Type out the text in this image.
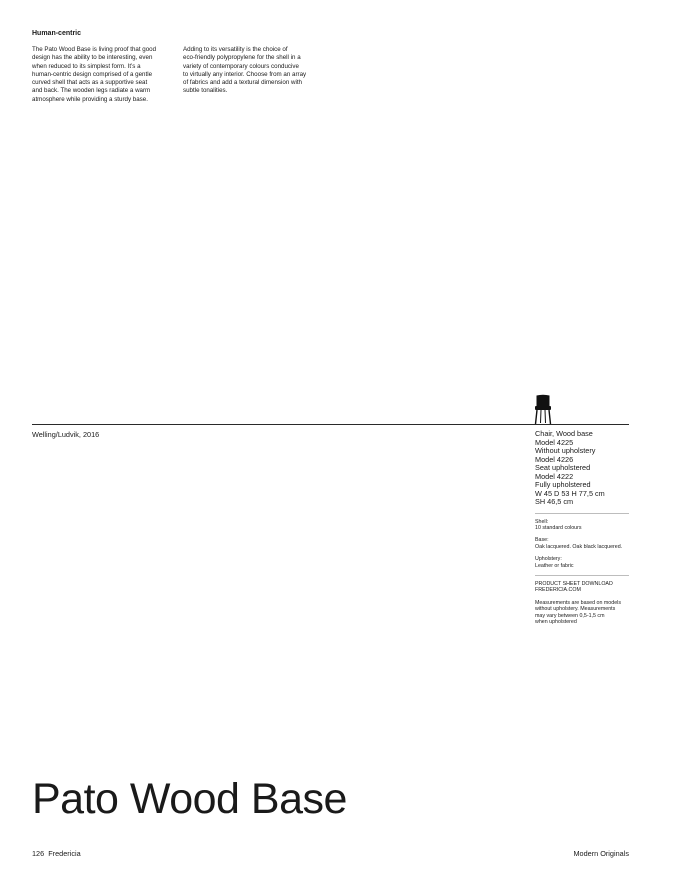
Human-centric

The Pato Wood Base is living proof that good
design has the ability to be interesting, even
when reduced to its simplest form. It’s a
human-centric design comprised of a gentle
curved shell that acts as a supportive seat
and back. The wooden legs radiate a warm
atmosphere while providing a sturdy base.

Adding to its versatility is the choice of
eco-friendly polypropylene for the shell in a
variety of contemporary colours conducive
to virtually any interior. Choose from an array
of fabrics and add a textural dimension with
subtle tonalities.

Welling/Ludvik, 2016	Chair, Wood base
Model 4225
Without upholstery
Model 4226
Seat upholstered
Model 4222
Fully upholstered
W 45 D 53 H 77,5 cm
SH 46,5 cm
Shell:
10 standard colours
Base:
Oak lacquered. Oak black lacquered.
Upholstery:
Leather or fabric
PRODUCT SHEET DOWNLOAD
FREDERICIA.COM
Measurements are based on models
without upholstery. Measurements
may vary between 0,5-1,5 cm
when upholstered
Pato Wood Base
126  Fredericia	Modern Originals
